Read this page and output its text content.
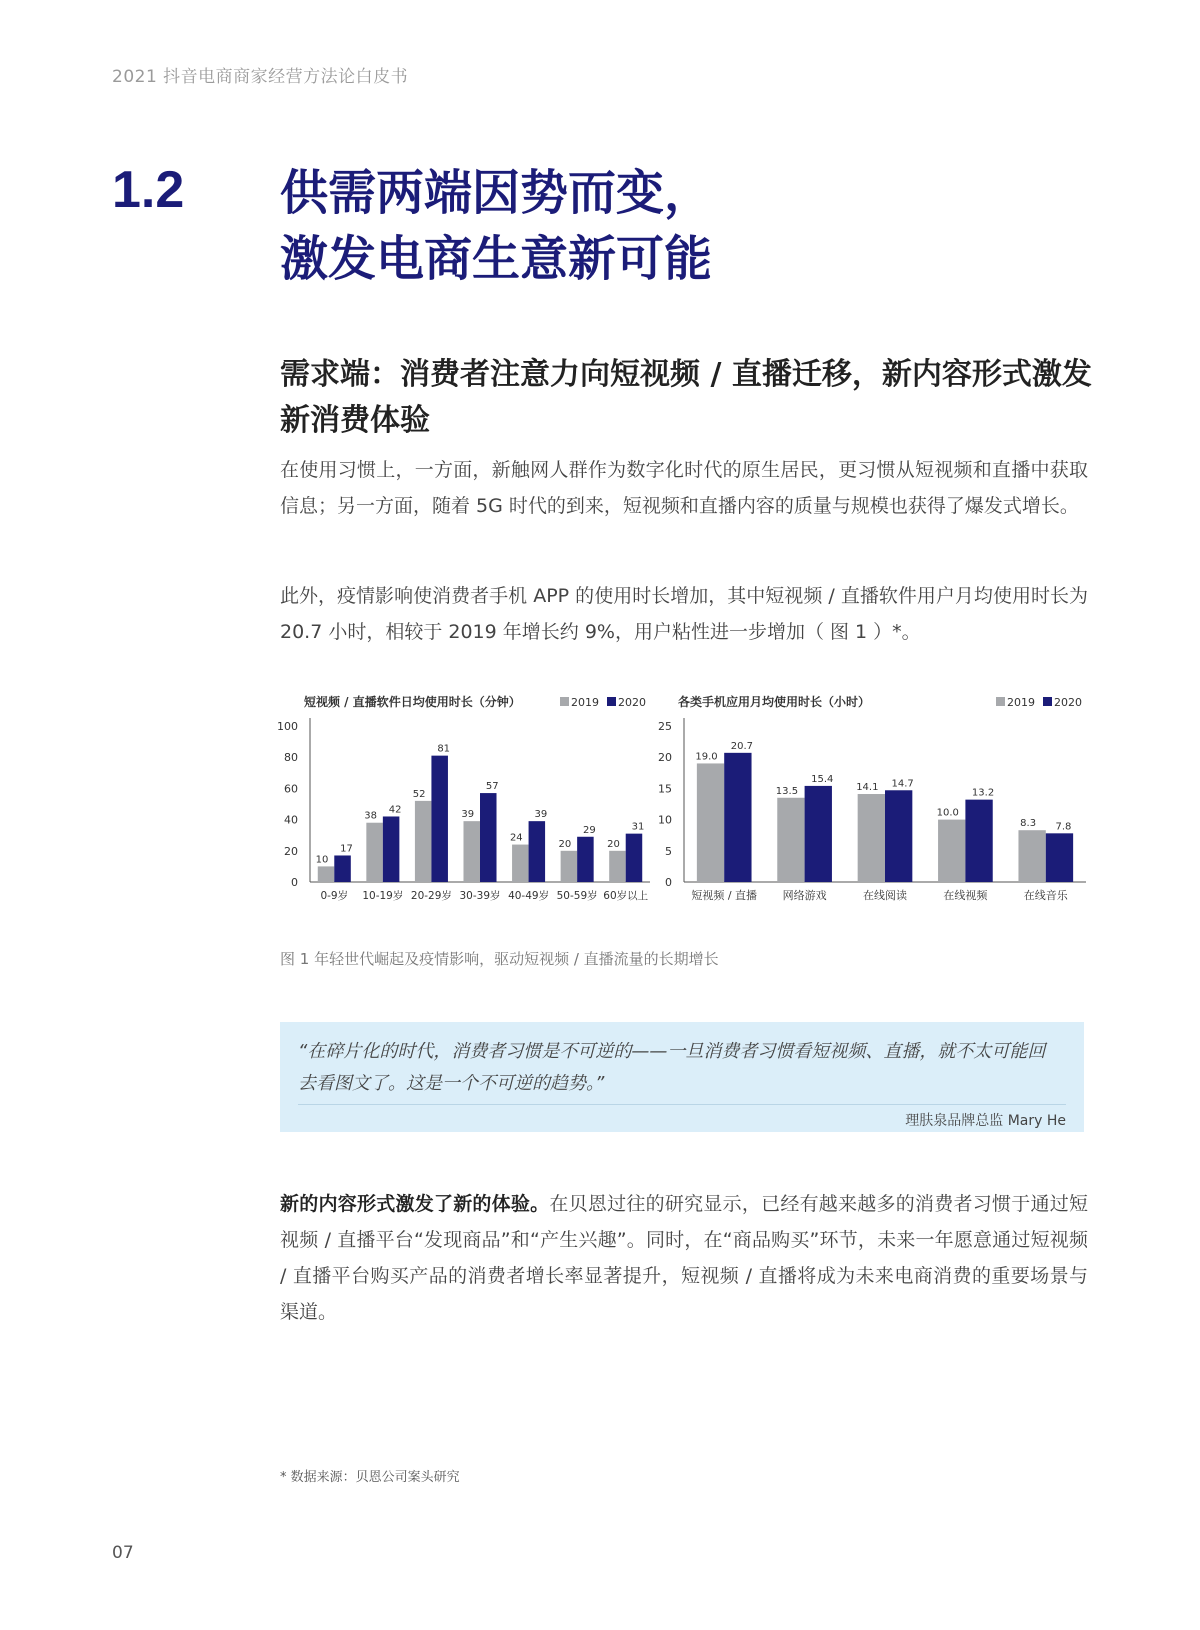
2021 抖音电商商家经营方法论白皮书
1.2 供需两端因势而变，
激发电商生意新可能
需求端：消费者注意力向短视频 / 直播迁移，新内容形式激发新消费体验
在使用习惯上，一方面，新触网人群作为数字化时代的原生居民，更习惯从短视频和直播中获取信息；另一方面，随着 5G 时代的到来，短视频和直播内容的质量与规模也获得了爆发式增长。
此外，疫情影响使消费者手机 APP 的使用时长增加，其中短视频 / 直播软件用户月均使用时长为 20.7 小时，相较于 2019 年增长约 9%，用户粘性进一步增加（ 图 1 ）*。
短视频 / 直播软件日均使用时长（分钟）	2020
2019
0
20
40
60
80
100
10
17
0-9岁
38
42
10-19岁
52
81
20-29岁
39
57
30-39岁
24
39
40-49岁
20
29
50-59岁
20
31
60岁以上
各类手机应用月均使用时长（小时）	2020
2019
0
5
10
15
20
25
19.0
20.7
短视频 / 直播
13.5
15.4
网络游戏
14.1 14.7
在线阅读
10.0
13.2
在线视频
8.3 7.8
在线音乐
图 1 年轻世代崛起及疫情影响，驱动短视频 / 直播流量的长期增长
“在碎片化的时代，消费者习惯是不可逆的——一旦消费者习惯看短视频、直播，就不太可能回去看图文了。这是一个不可逆的趋势。”
理肤泉品牌总监 Mary He
新的内容形式激发了新的体验。在贝恩过往的研究显示，已经有越来越多的消费者习惯于通过短视频 / 直播平台“发现商品”和“产生兴趣”。同时，在“商品购买”环节，未来一年愿意通过短视频 / 直播平台购买产品的消费者增长率显著提升，短视频 / 直播将成为未来电商消费的重要场景与渠道。
* 数据来源：贝恩公司案头研究
07
